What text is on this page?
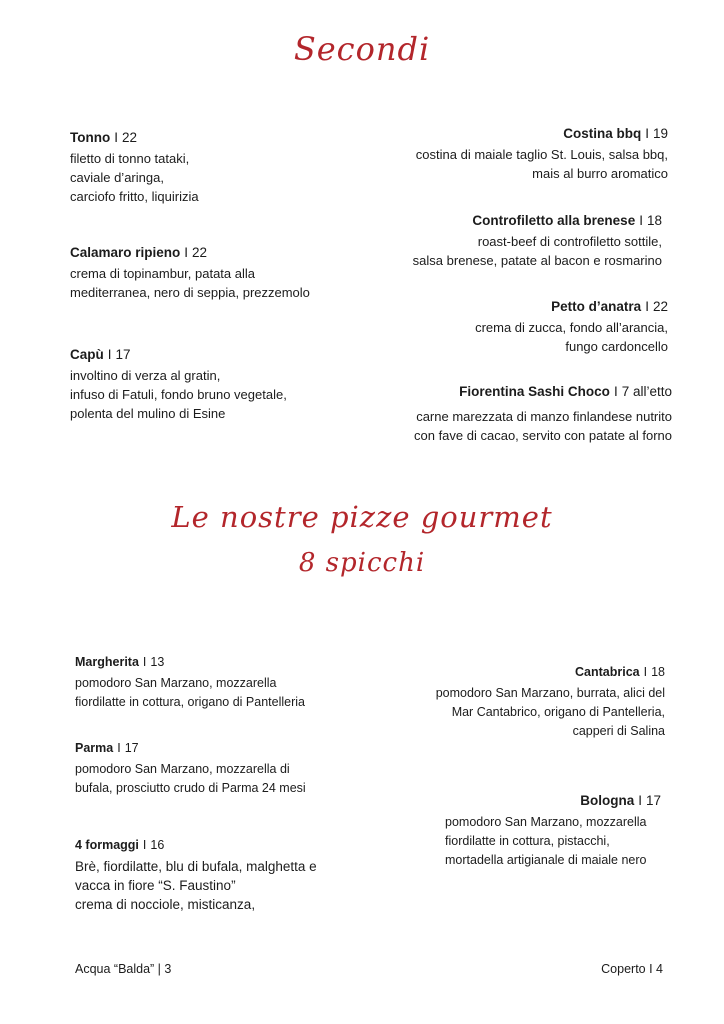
Secondi
Tonno I 22
filetto di tonno tataki,
caviale d’aringa,
carciofo fritto, liquirizia
Calamaro ripieno I 22
crema di topinambur, patata alla
mediterranea, nero di seppia, prezzemolo
Capù I 17
involtino di verza al gratin,
infuso di Fatuli, fondo bruno vegetale,
polenta del mulino di Esine
Costina bbq I 19
costina di maiale taglio St. Louis, salsa bbq,
mais al burro aromatico
Controfiletto alla brenese I 18
roast-beef di controfiletto sottile,
salsa brenese, patate al bacon e rosmarino
Petto d’anatra I 22
crema di zucca, fondo all’arancia,
fungo cardoncello
Fiorentina Sashi Choco I 7 all’etto
carne marezzata di manzo finlandese nutrito
con fave di cacao, servito con patate al forno
Le nostre pizze gourmet
8 spicchi
Margherita I 13
pomodoro San Marzano, mozzarella
fiordilatte in cottura, origano di Pantelleria
Parma I 17
pomodoro San Marzano, mozzarella di
bufala, prosciutto crudo di Parma 24 mesi
4 formaggi I 16
Brè, fiordilatte, blu di bufala, malghetta e
vacca in fiore “S. Faustino”
crema di nocciole, misticanza,
Cantabrica I 18
pomodoro San Marzano, burrata, alici del
Mar Cantabrico, origano di Pantelleria,
capperi di Salina
Bologna I 17
pomodoro San Marzano, mozzarella
fiordilatte in cottura, pistacchi,
mortadella artigianale di maiale nero
Acqua “Balda” | 3	Coperto I 4
